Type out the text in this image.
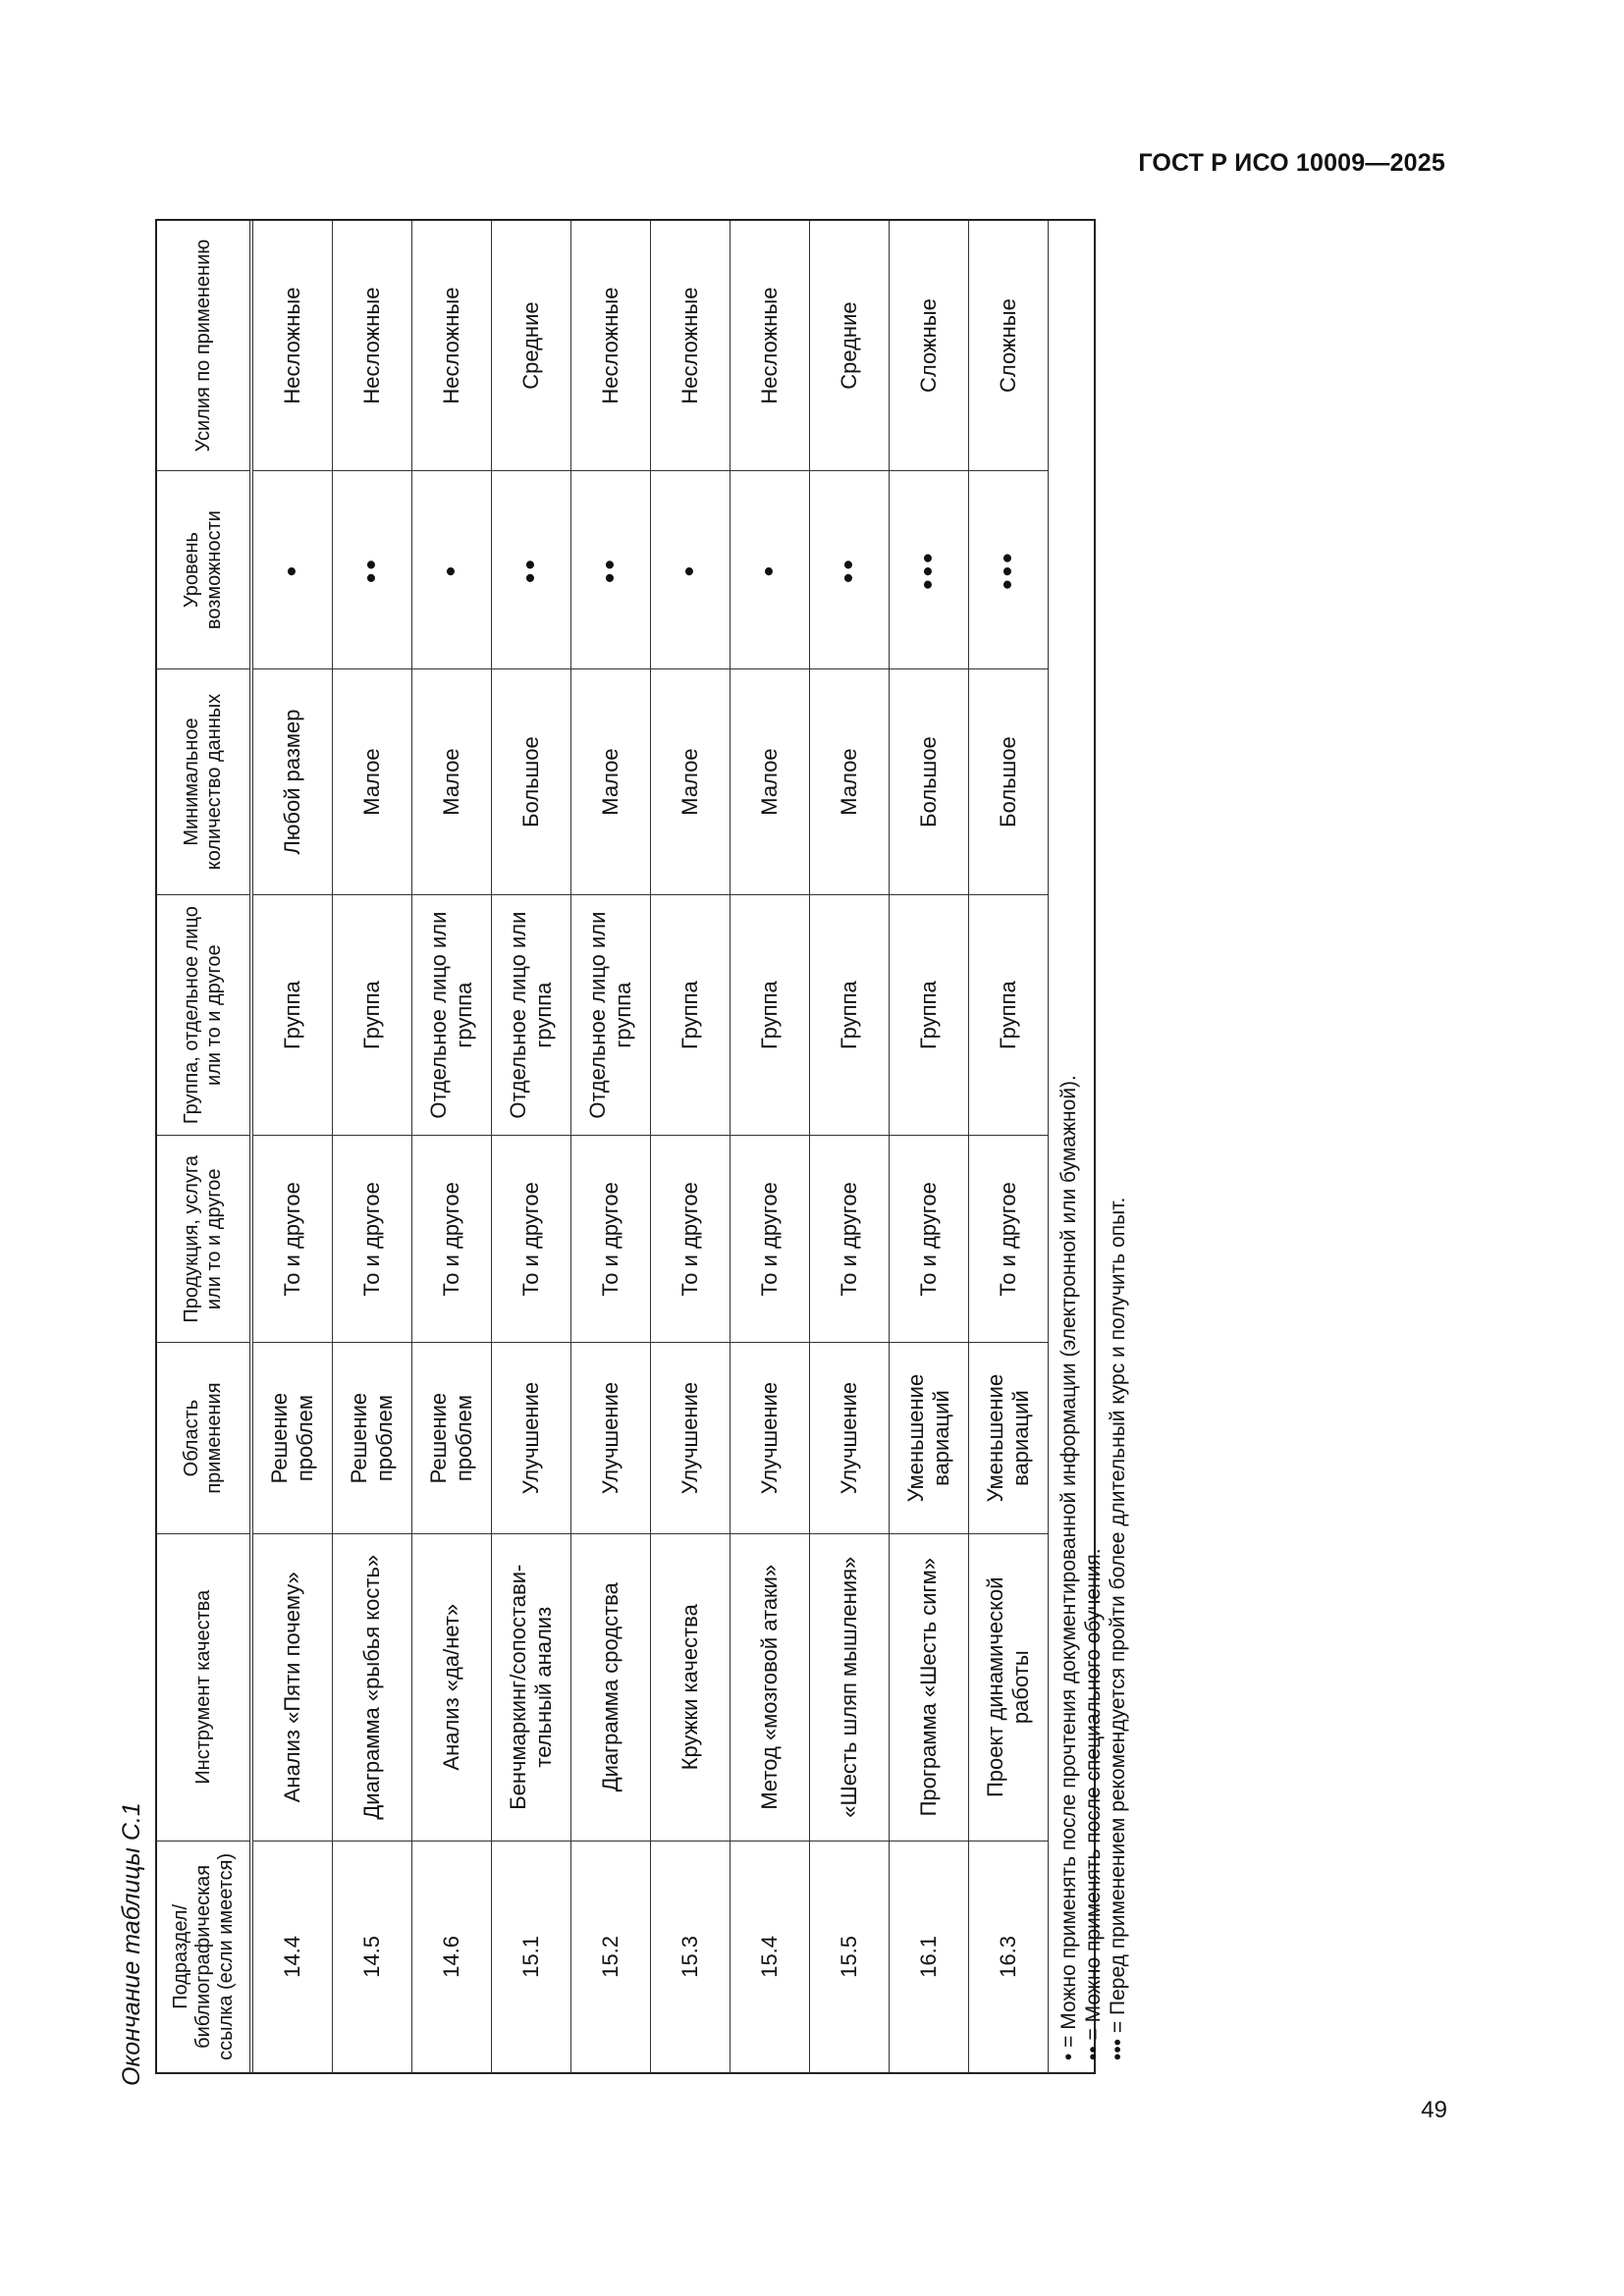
ГОСТ Р ИСО 10009—2025
Окончание таблицы С.1	Подраздел/ библиографическая ссылка (если имеется)	Инструмент качества	Область применения	Продукция, услуга или то и другое	Группа, отдельное лицо или то и другое	Минимальное количество данных	Уровень возможности	Усилия по применению
14.4	Анализ «Пяти почему»	Решение проблем	То и другое	Группа	Любой размер	•	Несложные
14.5	Диаграмма «рыбья кость»	Решение проблем	То и другое	Группа	Малое	••	Несложные
14.6	Анализ «да/нет»	Решение проблем	То и другое	Отдельное лицо или группа	Малое	•	Несложные
15.1	Бенчмаркинг/сопостави-тельный анализ	Улучшение	То и другое	Отдельное лицо или группа	Большое	••	Средние
15.2	Диаграмма сродства	Улучшение	То и другое	Отдельное лицо или группа	Малое	••	Несложные
15.3	Кружки качества	Улучшение	То и другое	Группа	Малое	•	Несложные
15.4	Метод «мозговой атаки»	Улучшение	То и другое	Группа	Малое	•	Несложные
15.5	«Шесть шляп мышления»	Улучшение	То и другое	Группа	Малое	••	Средние
16.1	Программа «Шесть сигм»	Уменьшение вариаций	То и другое	Группа	Большое	•••	Сложные
16.3	Проект динамической работы	Уменьшение вариаций	То и другое	Группа	Большое	•••	Сложные
• = Можно применять после прочтения документированной информации (электронной или бумажной). •• = Можно применять после специального обучения. ••• = Перед применением рекомендуется пройти более длительный курс и получить опыт.
49
